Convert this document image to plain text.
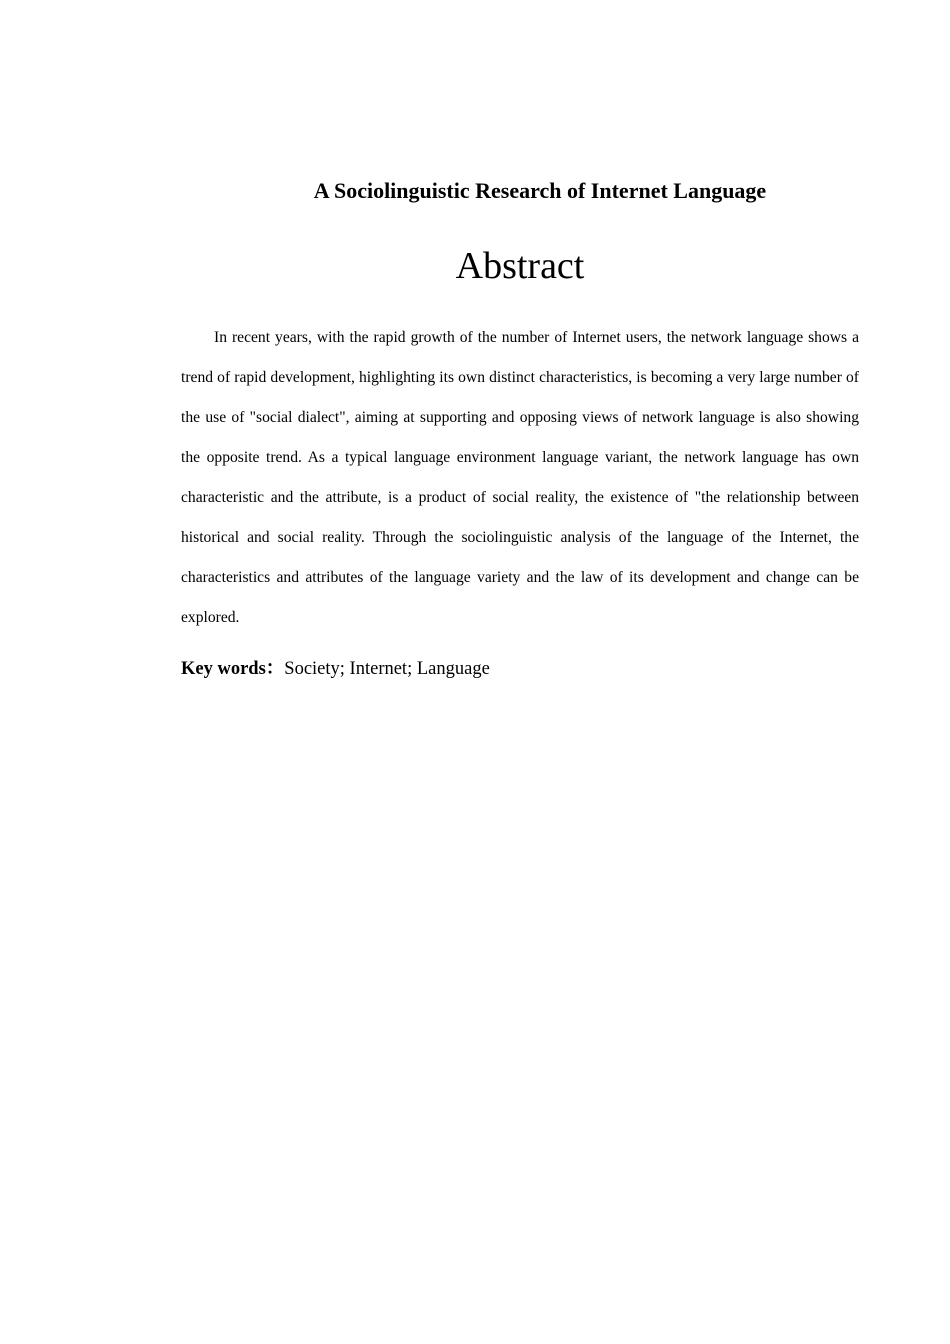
A Sociolinguistic Research of Internet Language
Abstract

In recent years, with the rapid growth of the number of Internet users, the network language shows a trend of rapid development, highlighting its own distinct characteristics, is becoming a very large number of the use of "social dialect", aiming at supporting and opposing views of network language is also showing the opposite trend. As a typical language environment language variant, the network language has own characteristic and the attribute, is a product of social reality, the existence of "the relationship between historical and social reality. Through the sociolinguistic analysis of the language of the Internet, the characteristics and attributes of the language variety and the law of its development and change can be explored.

Key words：Society; Internet; Language
